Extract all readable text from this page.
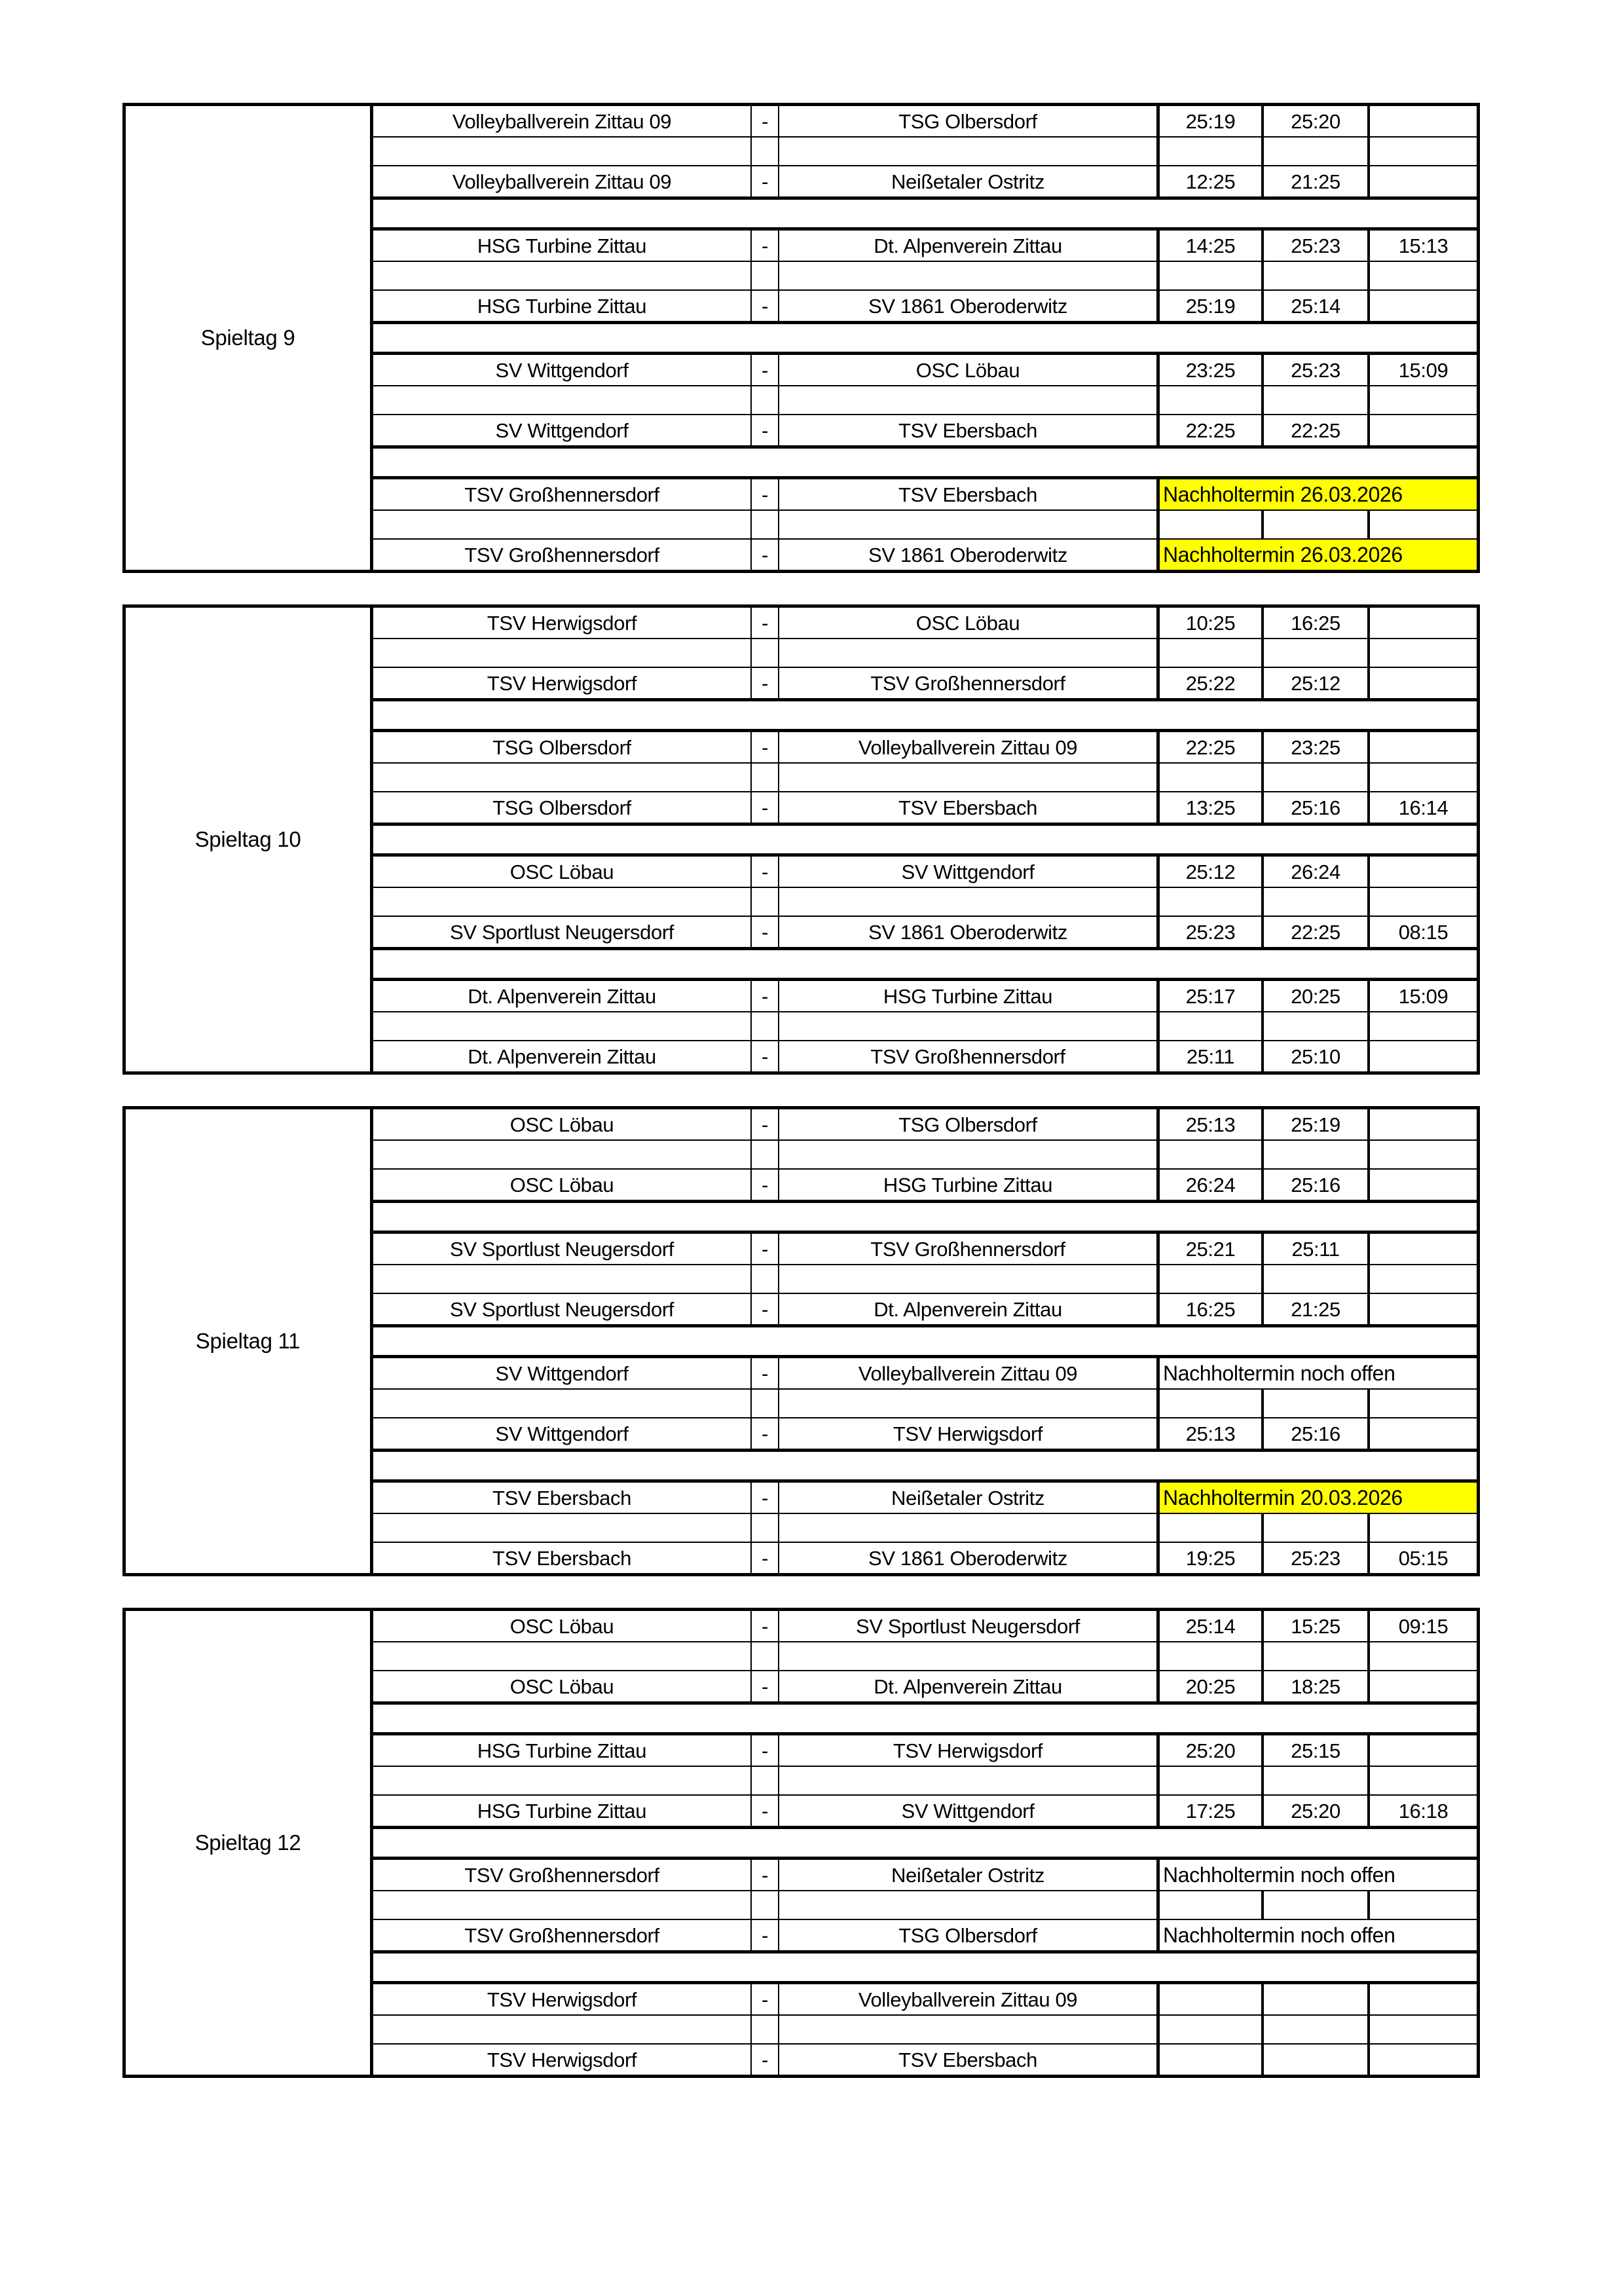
Spieltag 9
Volleyballverein Zittau 09	-	TSG Olbersdorf	25:19	25:20
Volleyballverein Zittau 09	-	Neißetaler Ostritz	12:25	21:25
HSG Turbine Zittau	-	Dt. Alpenverein Zittau	14:25	25:23	15:13
HSG Turbine Zittau	-	SV 1861 Oberoderwitz	25:19	25:14
SV Wittgendorf	-	OSC Löbau	23:25	25:23	15:09
SV Wittgendorf	-	TSV Ebersbach	22:25	22:25
TSV Großhennersdorf	-	TSV Ebersbach	Nachholtermin 26.03.2026
TSV Großhennersdorf	-	SV 1861 Oberoderwitz	Nachholtermin 26.03.2026
Spieltag 10
TSV Herwigsdorf	-	OSC Löbau	10:25	16:25
TSV Herwigsdorf	-	TSV Großhennersdorf	25:22	25:12
TSG Olbersdorf	-	Volleyballverein Zittau 09	22:25	23:25
TSG Olbersdorf	-	TSV Ebersbach	13:25	25:16	16:14
OSC Löbau	-	SV Wittgendorf	25:12	26:24
SV Sportlust Neugersdorf	-	SV 1861 Oberoderwitz	25:23	22:25	08:15
Dt. Alpenverein Zittau	-	HSG Turbine Zittau	25:17	20:25	15:09
Dt. Alpenverein Zittau	-	TSV Großhennersdorf	25:11	25:10
Spieltag 11
OSC Löbau	-	TSG Olbersdorf	25:13	25:19
OSC Löbau	-	HSG Turbine Zittau	26:24	25:16
SV Sportlust Neugersdorf	-	TSV Großhennersdorf	25:21	25:11
SV Sportlust Neugersdorf	-	Dt. Alpenverein Zittau	16:25	21:25
SV Wittgendorf	-	Volleyballverein Zittau 09	Nachholtermin noch offen
SV Wittgendorf	-	TSV Herwigsdorf	25:13	25:16
TSV Ebersbach	-	Neißetaler Ostritz	Nachholtermin 20.03.2026
TSV Ebersbach	-	SV 1861 Oberoderwitz	19:25	25:23	05:15
Spieltag 12
OSC Löbau	-	SV Sportlust Neugersdorf	25:14	15:25	09:15
OSC Löbau	-	Dt. Alpenverein Zittau	20:25	18:25
HSG Turbine Zittau	-	TSV Herwigsdorf	25:20	25:15
HSG Turbine Zittau	-	SV Wittgendorf	17:25	25:20	16:18
TSV Großhennersdorf	-	Neißetaler Ostritz	Nachholtermin noch offen
TSV Großhennersdorf	-	TSG Olbersdorf	Nachholtermin noch offen
TSV Herwigsdorf	-	Volleyballverein Zittau 09
TSV Herwigsdorf	-	TSV Ebersbach
